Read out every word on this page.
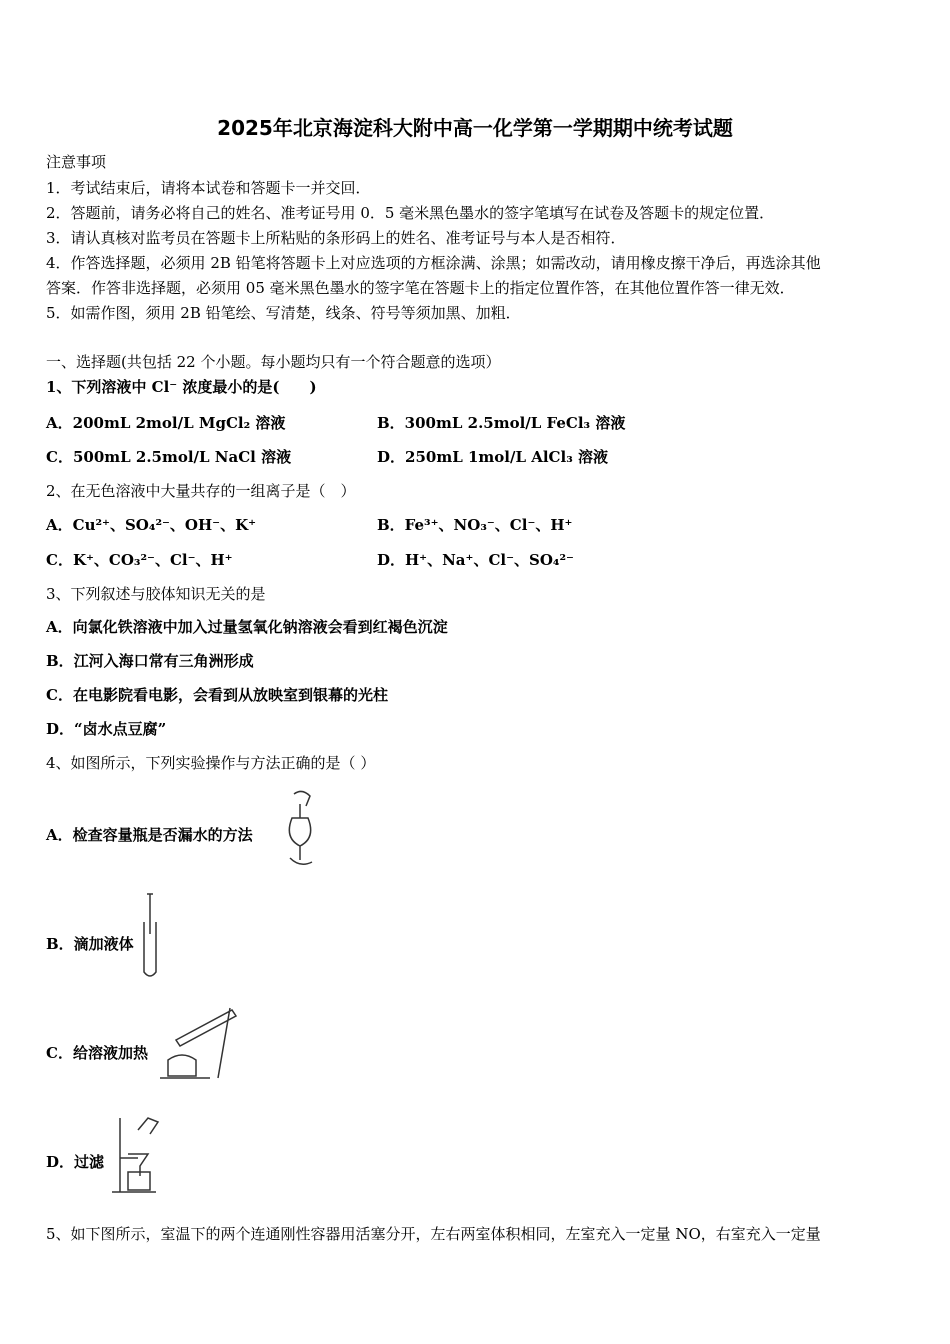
2025年北京海淀科大附中高一化学第一学期期中统考试题
注意事项
1．考试结束后，请将本试卷和答题卡一并交回．
2．答题前，请务必将自己的姓名、准考证号用 0．5 毫米黑色墨水的签字笔填写在试卷及答题卡的规定位置．
3．请认真核对监考员在答题卡上所粘贴的条形码上的姓名、准考证号与本人是否相符．
4．作答选择题，必须用 2B 铅笔将答题卡上对应选项的方框涂满、涂黑；如需改动，请用橡皮擦干净后，再选涂其他
答案．作答非选择题，必须用 05 毫米黑色墨水的签字笔在答题卡上的指定位置作答，在其他位置作答一律无效．
5．如需作图，须用 2B 铅笔绘、写清楚，线条、符号等须加黑、加粗．
一、选择题(共包括 22 个小题。每小题均只有一个符合题意的选项）
1、下列溶液中 Cl⁻ 浓度最小的是(　　)
A．200mL 2mol/L MgCl₂ 溶液	B．300mL 2.5mol/L FeCl₃ 溶液
C．500mL 2.5mol/L NaCl 溶液	D．250mL 1mol/L AlCl₃ 溶液
2、在无色溶液中大量共存的一组离子是（　）
A．Cu²⁺、SO₄²⁻、OH⁻、K⁺	B．Fe³⁺、NO₃⁻、Cl⁻、H⁺
C．K⁺、CO₃²⁻、Cl⁻、H⁺	D．H⁺、Na⁺、Cl⁻、SO₄²⁻
3、下列叙述与胶体知识无关的是
A．向氯化铁溶液中加入过量氢氧化钠溶液会看到红褐色沉淀
B．江河入海口常有三角洲形成
C．在电影院看电影，会看到从放映室到银幕的光柱
D．“卤水点豆腐”
4、如图所示，下列实验操作与方法正确的是（ ）
A．检查容量瓶是否漏水的方法
B．滴加液体
C．给溶液加热
D．过滤
5、如下图所示，室温下的两个连通刚性容器用活塞分开，左右两室体积相同，左室充入一定量 NO，右室充入一定量
